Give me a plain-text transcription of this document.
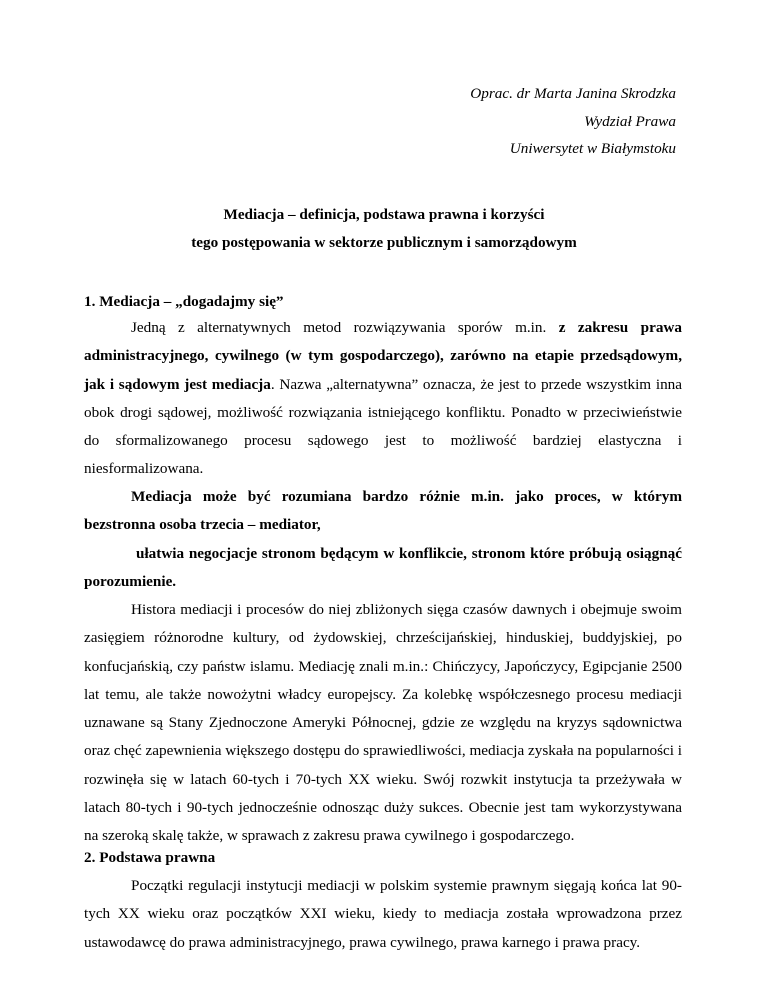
Oprac. dr Marta Janina Skrodzka
Wydział Prawa
Uniwersytet w Białymstoku
Mediacja – definicja, podstawa prawna i korzyści
tego postępowania w sektorze publicznym i samorządowym
1. Mediacja – „dogadajmy się”

Jedną z alternatywnych metod rozwiązywania sporów m.in. z zakresu prawa administracyjnego, cywilnego (w tym gospodarczego), zarówno na etapie przedsądowym, jak i sądowym jest mediacja. Nazwa „alternatywna” oznacza, że jest to przede wszystkim inna obok drogi sądowej, możliwość rozwiązania istniejącego konfliktu. Ponadto w przeciwieństwie do sformalizowanego procesu sądowego jest to możliwość bardziej elastyczna i niesformalizowana.

Mediacja może być rozumiana bardzo różnie m.in. jako proces, w którym bezstronna osoba trzecia – mediator,

ułatwia negocjacje stronom będącym w konflikcie, stronom które próbują osiągnąć porozumienie.

Histora mediacji i procesów do niej zbliżonych sięga czasów dawnych i obejmuje swoim zasięgiem różnorodne kultury, od żydowskiej, chrześcijańskiej, hinduskiej, buddyjskiej, po konfucjańskią, czy państw islamu. Mediację znali m.in.: Chińczycy, Japończycy, Egipcjanie 2500 lat temu, ale także nowożytni władcy europejscy. Za kolebkę współczesnego procesu mediacji uznawane są Stany Zjednoczone Ameryki Północnej, gdzie ze względu na kryzys sądownictwa oraz chęć zapewnienia większego dostępu do sprawiedliwości, mediacja zyskała na popularności i rozwinęła się w latach 60-tych i 70-tych XX wieku. Swój rozwkit instytucja ta przeżywała w latach 80-tych i 90-tych jednocześnie odnosząc duży sukces. Obecnie jest tam wykorzystywana na szeroką skalę także, w sprawach z zakresu prawa cywilnego i gospodarczego.

2. Podstawa prawna

Początki regulacji instytucji mediacji w polskim systemie prawnym sięgają końca lat 90-tych XX wieku oraz początków XXI wieku, kiedy to mediacja została wprowadzona przez ustawodawcę do prawa administracyjnego, prawa cywilnego, prawa karnego i prawa pracy.
